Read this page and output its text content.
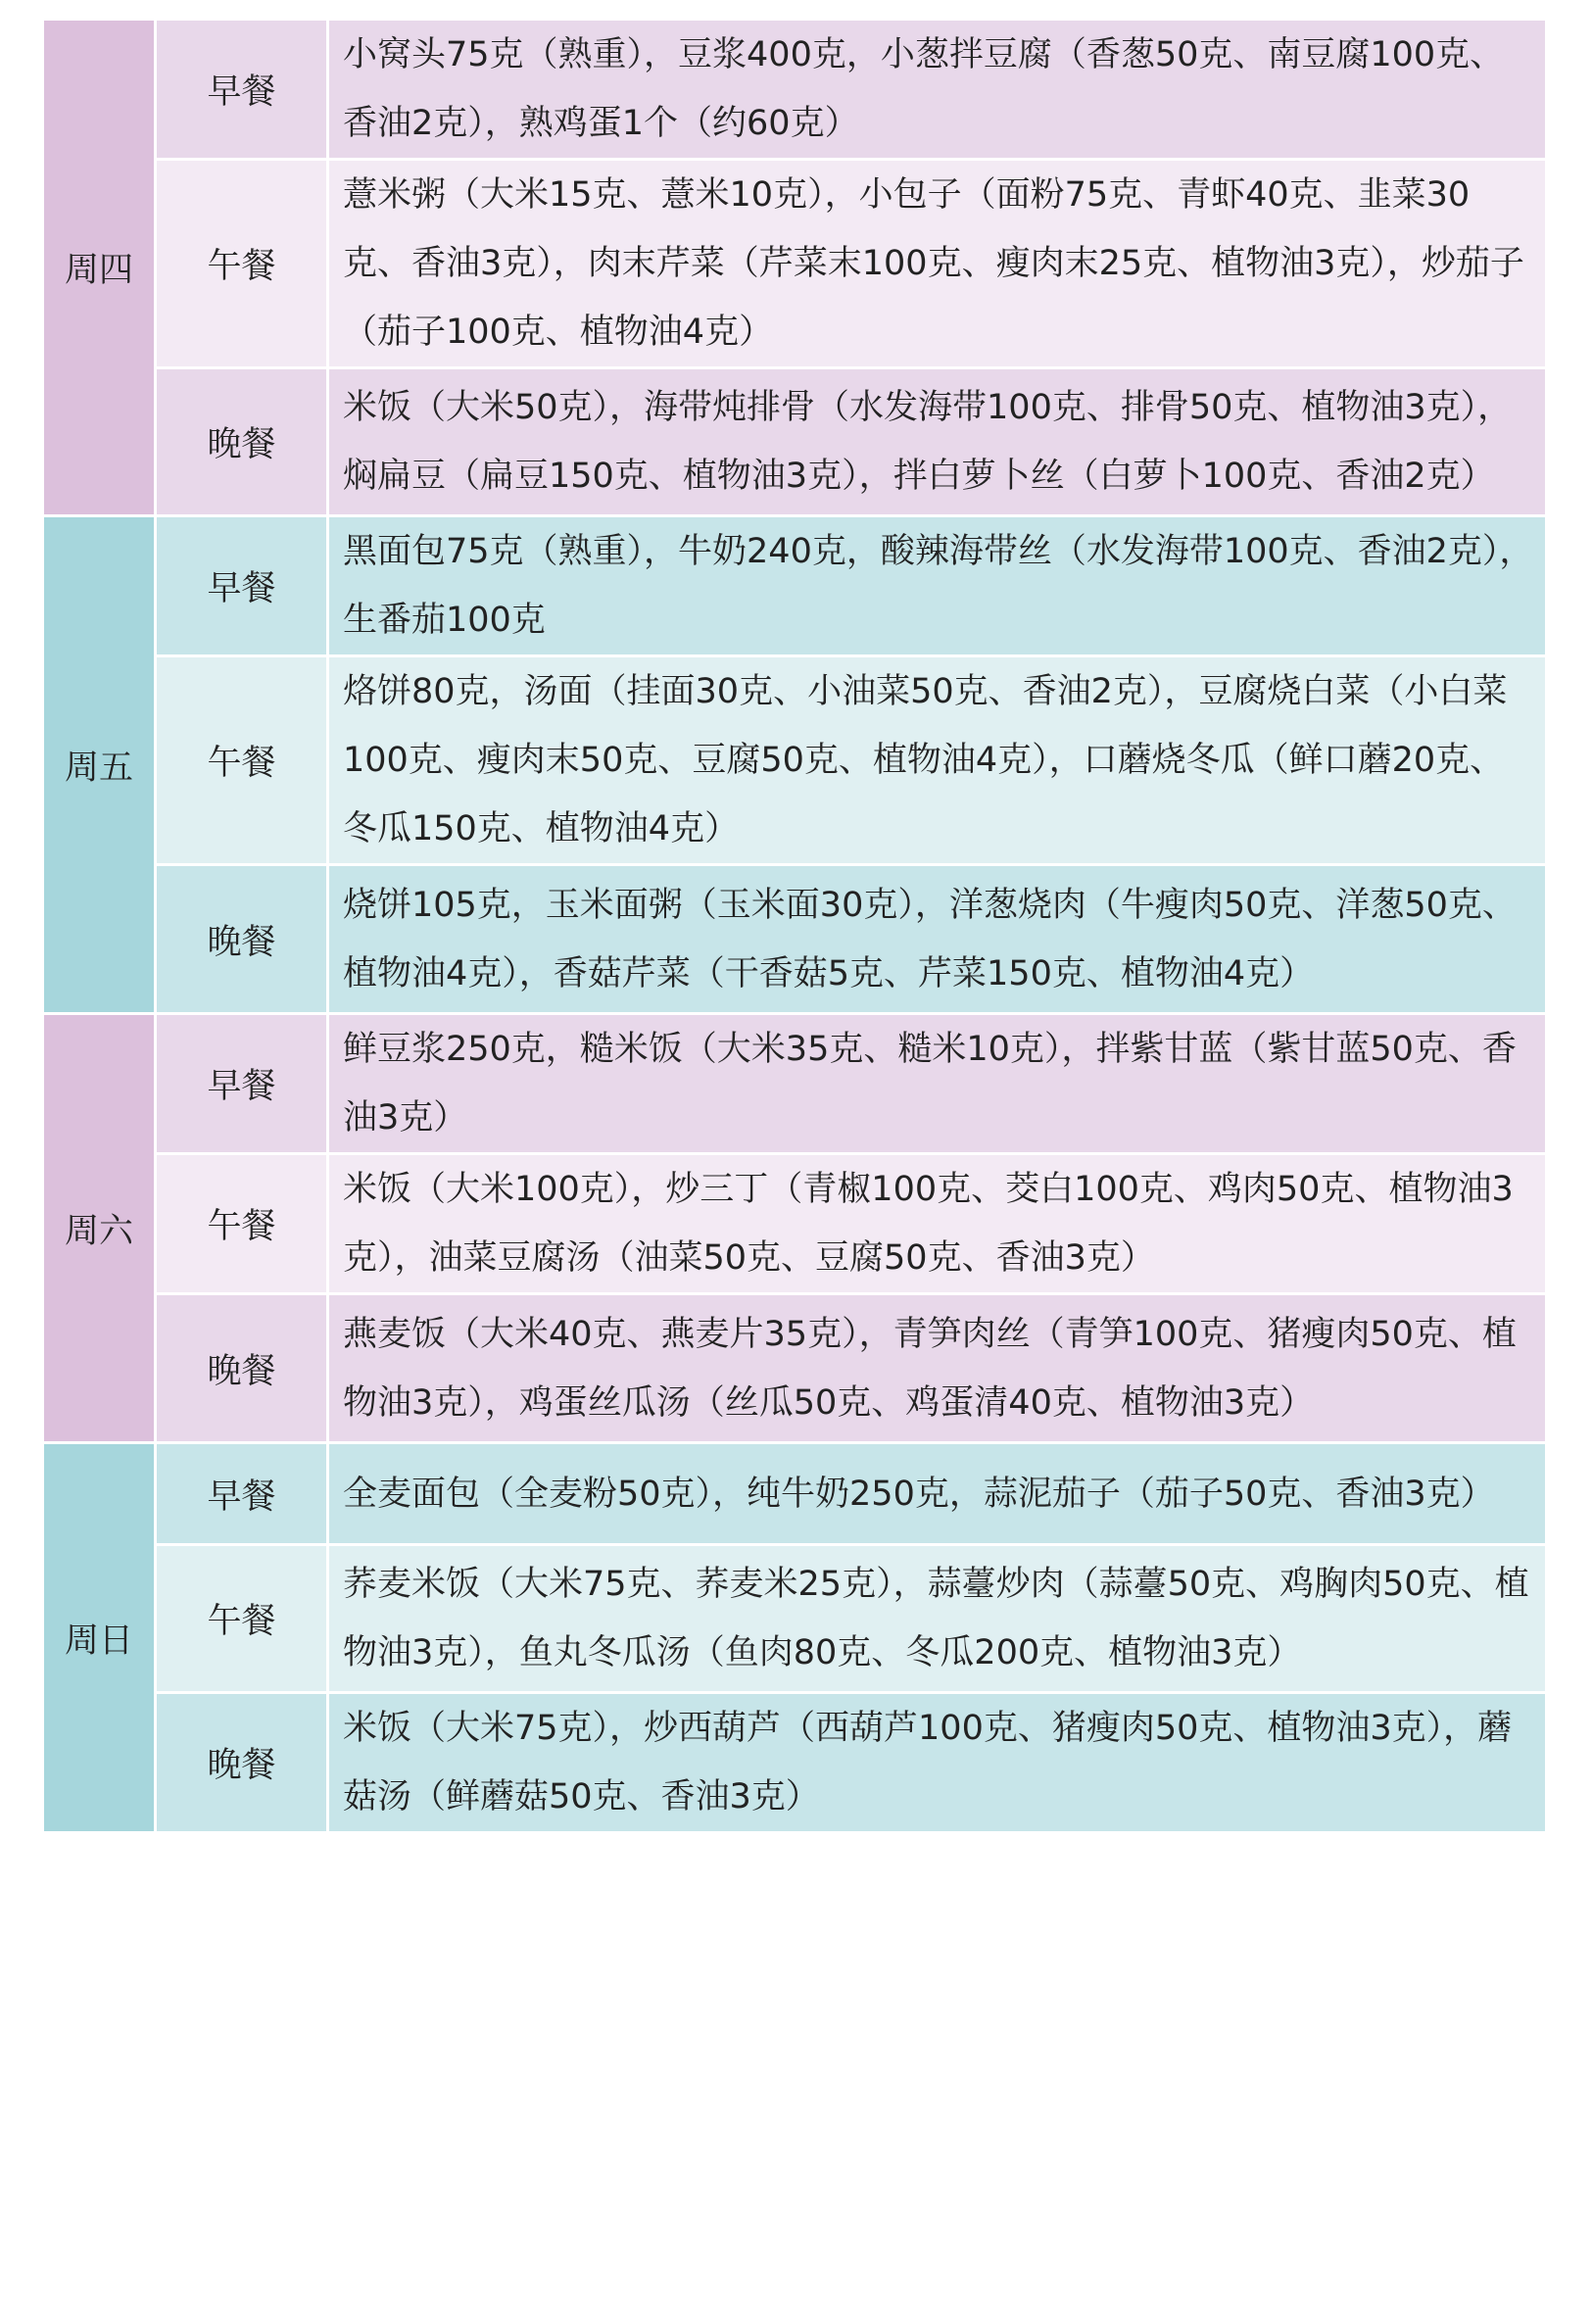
周四	早餐	小窝头75克（熟重），豆浆400克，小葱拌豆腐（香葱50克、南豆腐100克、香油2克），熟鸡蛋1个（约60克）
	午餐	薏米粥（大米15克、薏米10克），小包子（面粉75克、青虾40克、韭菜30克、香油3克），肉末芹菜（芹菜末100克、瘦肉末25克、植物油3克），炒茄子（茄子100克、植物油4克）
	晚餐	米饭（大米50克），海带炖排骨（水发海带100克、排骨50克、植物油3克），焖扁豆（扁豆150克、植物油3克），拌白萝卜丝（白萝卜100克、香油2克）
周五	早餐	黑面包75克（熟重），牛奶240克，酸辣海带丝（水发海带100克、香油2克），生番茄100克
	午餐	烙饼80克，汤面（挂面30克、小油菜50克、香油2克），豆腐烧白菜（小白菜100克、瘦肉末50克、豆腐50克、植物油4克），口蘑烧冬瓜（鲜口蘑20克、冬瓜150克、植物油4克）
	晚餐	烧饼105克，玉米面粥（玉米面30克），洋葱烧肉（牛瘦肉50克、洋葱50克、植物油4克），香菇芹菜（干香菇5克、芹菜150克、植物油4克）
周六	早餐	鲜豆浆250克，糙米饭（大米35克、糙米10克），拌紫甘蓝（紫甘蓝50克、香油3克）
	午餐	米饭（大米100克），炒三丁（青椒100克、茭白100克、鸡肉50克、植物油3克），油菜豆腐汤（油菜50克、豆腐50克、香油3克）
	晚餐	燕麦饭（大米40克、燕麦片35克），青笋肉丝（青笋100克、猪瘦肉50克、植物油3克），鸡蛋丝瓜汤（丝瓜50克、鸡蛋清40克、植物油3克）
周日	早餐	全麦面包（全麦粉50克），纯牛奶250克，蒜泥茄子（茄子50克、香油3克）
	午餐	荞麦米饭（大米75克、荞麦米25克），蒜薹炒肉（蒜薹50克、鸡胸肉50克、植物油3克），鱼丸冬瓜汤（鱼肉80克、冬瓜200克、植物油3克）
	晚餐	米饭（大米75克），炒西葫芦（西葫芦100克、猪瘦肉50克、植物油3克），蘑菇汤（鲜蘑菇50克、香油3克）
